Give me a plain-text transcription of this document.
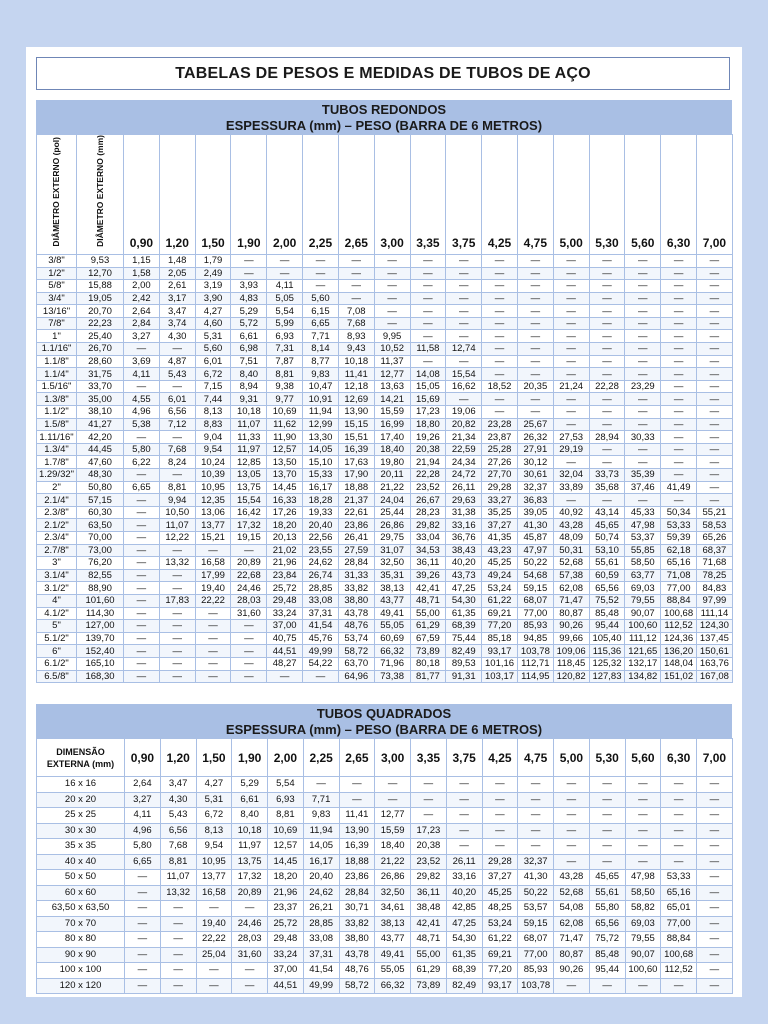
TABELAS DE PESOS E MEDIDAS DE TUBOS DE AÇO
TUBOS REDONDOS
ESPESSURA (mm) – PESO (BARRA DE 6 METROS)
DIÂMETRO EXTERNO (pol)	DIÂMETRO EXTERNO (mm)	0,90	1,20	1,50	1,90	2,00	2,25	2,65	3,00	3,35	3,75	4,25	4,75	5,00	5,30	5,60	6,30	7,00
3/8"	9,53	1,15	1,48	1,79	—	—	—	—	—	—	—	—	—	—	—	—	—	—
1/2"	12,70	1,58	2,05	2,49	—	—	—	—	—	—	—	—	—	—	—	—	—	—
5/8"	15,88	2,00	2,61	3,19	3,93	4,11	—	—	—	—	—	—	—	—	—	—	—	—
3/4"	19,05	2,42	3,17	3,90	4,83	5,05	5,60	—	—	—	—	—	—	—	—	—	—	—
13/16"	20,70	2,64	3,47	4,27	5,29	5,54	6,15	7,08	—	—	—	—	—	—	—	—	—	—
7/8"	22,23	2,84	3,74	4,60	5,72	5,99	6,65	7,68	—	—	—	—	—	—	—	—	—	—
1"	25,40	3,27	4,30	5,31	6,61	6,93	7,71	8,93	9,95	—	—	—	—	—	—	—	—	—
1.1/16"	26,70	—	—	5,60	6,98	7,31	8,14	9,43	10,52	11,58	12,74	—	—	—	—	—	—	—
1.1/8"	28,60	3,69	4,87	6,01	7,51	7,87	8,77	10,18	11,37	—	—	—	—	—	—	—	—	—
1.1/4"	31,75	4,11	5,43	6,72	8,40	8,81	9,83	11,41	12,77	14,08	15,54	—	—	—	—	—	—	—
1.5/16"	33,70	—	—	7,15	8,94	9,38	10,47	12,18	13,63	15,05	16,62	18,52	20,35	21,24	22,28	23,29	—	—
1.3/8"	35,00	4,55	6,01	7,44	9,31	9,77	10,91	12,69	14,21	15,69	—	—	—	—	—	—	—	—
1.1/2"	38,10	4,96	6,56	8,13	10,18	10,69	11,94	13,90	15,59	17,23	19,06	—	—	—	—	—	—	—
1.5/8"	41,27	5,38	7,12	8,83	11,07	11,62	12,99	15,15	16,99	18,80	20,82	23,28	25,67	—	—	—	—	—
1.11/16"	42,20	—	—	9,04	11,33	11,90	13,30	15,51	17,40	19,26	21,34	23,87	26,32	27,53	28,94	30,33	—	—
1.3/4"	44,45	5,80	7,68	9,54	11,97	12,57	14,05	16,39	18,40	20,38	22,59	25,28	27,91	29,19	—	—	—	—
1.7/8"	47,60	6,22	8,24	10,24	12,85	13,50	15,10	17,63	19,80	21,94	24,34	27,26	30,12	—	—	—	—	—
1.29/32"	48,30	—	—	10,39	13,05	13,70	15,33	17,90	20,11	22,28	24,72	27,70	30,61	32,04	33,73	35,39	—	—
2"	50,80	6,65	8,81	10,95	13,75	14,45	16,17	18,88	21,22	23,52	26,11	29,28	32,37	33,89	35,68	37,46	41,49	—
2.1/4"	57,15	—	9,94	12,35	15,54	16,33	18,28	21,37	24,04	26,67	29,63	33,27	36,83	—	—	—	—	—
2.3/8"	60,30	—	10,50	13,06	16,42	17,26	19,33	22,61	25,44	28,23	31,38	35,25	39,05	40,92	43,14	45,33	50,34	55,21
2.1/2"	63,50	—	11,07	13,77	17,32	18,20	20,40	23,86	26,86	29,82	33,16	37,27	41,30	43,28	45,65	47,98	53,33	58,53
2.3/4"	70,00	—	12,22	15,21	19,15	20,13	22,56	26,41	29,75	33,04	36,76	41,35	45,87	48,09	50,74	53,37	59,39	65,26
2.7/8"	73,00	—	—	—	—	21,02	23,55	27,59	31,07	34,53	38,43	43,23	47,97	50,31	53,10	55,85	62,18	68,37
3"	76,20	—	13,32	16,58	20,89	21,96	24,62	28,84	32,50	36,11	40,20	45,25	50,22	52,68	55,61	58,50	65,16	71,68
3.1/4"	82,55	—	—	17,99	22,68	23,84	26,74	31,33	35,31	39,26	43,73	49,24	54,68	57,38	60,59	63,77	71,08	78,25
3.1/2"	88,90	—	—	19,40	24,46	25,72	28,85	33,82	38,13	42,41	47,25	53,24	59,15	62,08	65,56	69,03	77,00	84,83
4"	101,60	—	17,83	22,22	28,03	29,48	33,08	38,80	43,77	48,71	54,30	61,22	68,07	71,47	75,52	79,55	88,84	97,99
4.1/2"	114,30	—	—	—	31,60	33,24	37,31	43,78	49,41	55,00	61,35	69,21	77,00	80,87	85,48	90,07	100,68	111,14
5"	127,00	—	—	—	—	37,00	41,54	48,76	55,05	61,29	68,39	77,20	85,93	90,26	95,44	100,60	112,52	124,30
5.1/2"	139,70	—	—	—	—	40,75	45,76	53,74	60,69	67,59	75,44	85,18	94,85	99,66	105,40	111,12	124,36	137,45
6"	152,40	—	—	—	—	44,51	49,99	58,72	66,32	73,89	82,49	93,17	103,78	109,06	115,36	121,65	136,20	150,61
6.1/2"	165,10	—	—	—	—	48,27	54,22	63,70	71,96	80,18	89,53	101,16	112,71	118,45	125,32	132,17	148,04	163,76
6.5/8"	168,30	—	—	—	—	—	—	64,96	73,38	81,77	91,31	103,17	114,95	120,82	127,83	134,82	151,02	167,08
TUBOS QUADRADOS
ESPESSURA (mm) – PESO (BARRA DE 6 METROS)
DIMENSÃO EXTERNA (mm)	0,90	1,20	1,50	1,90	2,00	2,25	2,65	3,00	3,35	3,75	4,25	4,75	5,00	5,30	5,60	6,30	7,00
16 x 16	2,64	3,47	4,27	5,29	5,54	—	—	—	—	—	—	—	—	—	—	—	—
20 x 20	3,27	4,30	5,31	6,61	6,93	7,71	—	—	—	—	—	—	—	—	—	—	—
25 x 25	4,11	5,43	6,72	8,40	8,81	9,83	11,41	12,77	—	—	—	—	—	—	—	—	—
30 x 30	4,96	6,56	8,13	10,18	10,69	11,94	13,90	15,59	17,23	—	—	—	—	—	—	—	—
35 x 35	5,80	7,68	9,54	11,97	12,57	14,05	16,39	18,40	20,38	—	—	—	—	—	—	—	—
40 x 40	6,65	8,81	10,95	13,75	14,45	16,17	18,88	21,22	23,52	26,11	29,28	32,37	—	—	—	—	—
50 x 50	—	11,07	13,77	17,32	18,20	20,40	23,86	26,86	29,82	33,16	37,27	41,30	43,28	45,65	47,98	53,33	—
60 x 60	—	13,32	16,58	20,89	21,96	24,62	28,84	32,50	36,11	40,20	45,25	50,22	52,68	55,61	58,50	65,16	—
63,50 x 63,50	—	—	—	—	23,37	26,21	30,71	34,61	38,48	42,85	48,25	53,57	54,08	55,80	58,82	65,01	—
70 x 70	—	—	19,40	24,46	25,72	28,85	33,82	38,13	42,41	47,25	53,24	59,15	62,08	65,56	69,03	77,00	—
80 x 80	—	—	22,22	28,03	29,48	33,08	38,80	43,77	48,71	54,30	61,22	68,07	71,47	75,72	79,55	88,84	—
90 x 90	—	—	25,04	31,60	33,24	37,31	43,78	49,41	55,00	61,35	69,21	77,00	80,87	85,48	90,07	100,68	—
100 x 100	—	—	—	—	37,00	41,54	48,76	55,05	61,29	68,39	77,20	85,93	90,26	95,44	100,60	112,52	—
120 x 120	—	—	—	—	44,51	49,99	58,72	66,32	73,89	82,49	93,17	103,78	—	—	—	—	—
